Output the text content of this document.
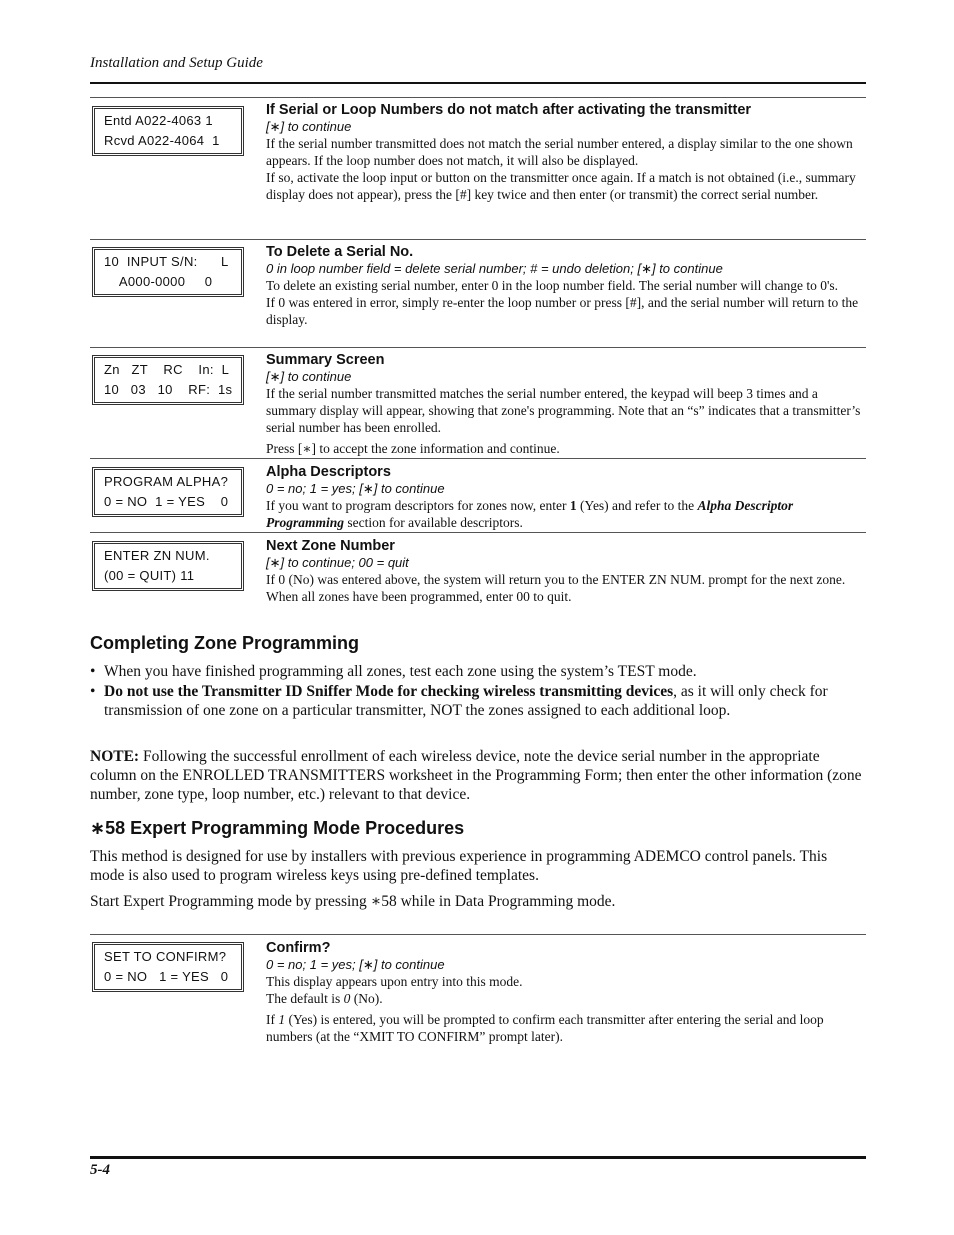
Installation and Setup Guide
Entd A022-4063 1
Rcvd A022-4064  1
If Serial or Loop Numbers do not match after activating the transmitter
[∗] to continue

If the serial number transmitted does not match the serial number entered, a display similar to the one shown appears. If the loop number does not match, it will also be displayed.

If so, activate the loop input or button on the transmitter once again. If a match is not obtained (i.e., summary display does not appear), press the [#] key twice and then enter (or transmit) the correct serial number.

10  INPUT S/N:      L
A000-0000     0
To Delete a Serial No.
0 in loop number field = delete serial number; # = undo deletion; [∗] to continue

To delete an existing serial number, enter 0 in the loop number field. The serial number will change to 0's.

If 0 was entered in error, simply re-enter the loop number or press [#], and the serial number will return to the display.

Zn   ZT    RC    In:  L
10   03   10    RF:  1s
Summary Screen
[∗] to continue

If the serial number transmitted matches the serial number entered, the keypad will beep 3 times and a summary display will appear, showing that zone's programming. Note that an “s” indicates that a transmitter’s serial number has been enrolled.

Press [∗] to accept the zone information and continue.

PROGRAM ALPHA?
0 = NO  1 = YES    0
Alpha Descriptors
0 = no; 1 = yes; [∗] to continue

If you want to program descriptors for zones now, enter 1 (Yes) and refer to the Alpha Descriptor Programming section for available descriptors.

ENTER ZN NUM.
(00 = QUIT) 11
Next Zone Number
[∗] to continue; 00 = quit

If 0 (No) was entered above, the system will return you to the ENTER ZN NUM. prompt for the next zone.

When all zones have been programmed, enter 00 to quit.

Completing Zone Programming
• When you have finished programming all zones, test each zone using the system’s TEST mode.
• Do not use the Transmitter ID Sniffer Mode for checking wireless transmitting devices, as it will only check for transmission of one zone on a particular transmitter, NOT the zones assigned to each additional loop.
NOTE: Following the successful enrollment of each wireless device, note the device serial number in the appropriate column on the ENROLLED TRANSMITTERS worksheet in the Programming Form; then enter the other information (zone number, zone type, loop number, etc.) relevant to that device.
∗58 Expert Programming Mode Procedures
This method is designed for use by installers with previous experience in programming ADEMCO control panels. This mode is also used to program wireless keys using pre-defined templates.
Start Expert Programming mode by pressing ∗58 while in Data Programming mode.
SET TO CONFIRM?
0 = NO   1 = YES   0
Confirm?
0 = no; 1 = yes; [∗] to continue

This display appears upon entry into this mode.

The default is 0 (No).

If 1 (Yes) is entered, you will be prompted to confirm each transmitter after entering the serial and loop numbers (at the “XMIT TO CONFIRM” prompt later).

5-4
